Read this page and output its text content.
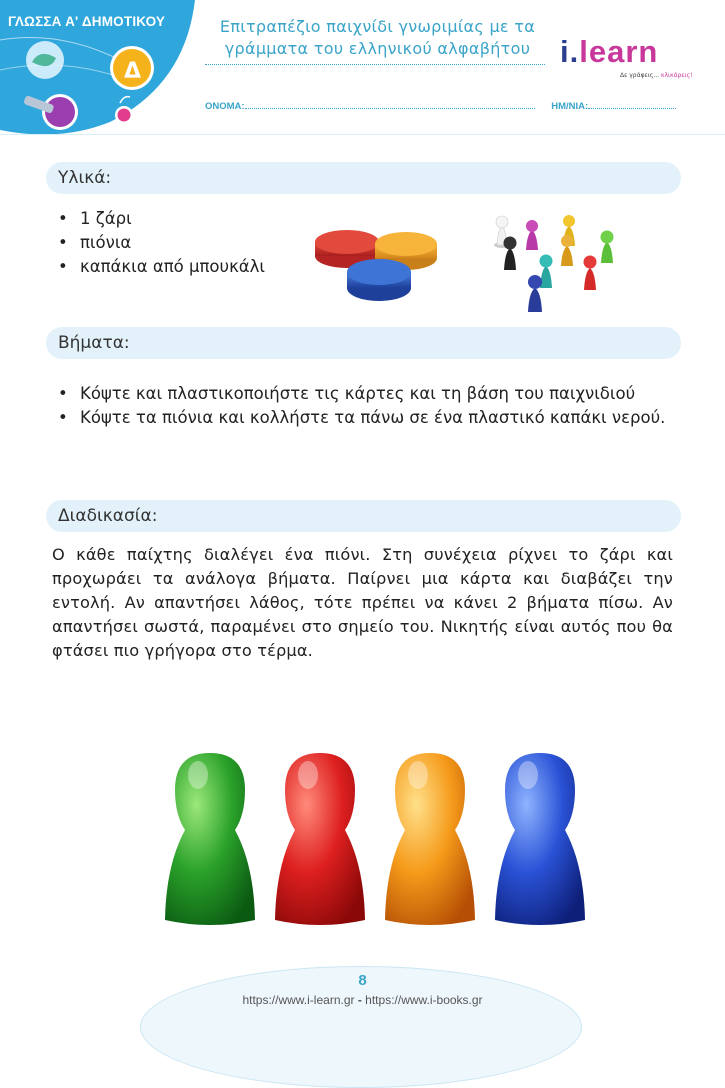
Δ
ΓΛΩΣΣΑ Α' ΔΗΜΟΤΙΚΟΥ	Επιτραπέζιο παιχνίδι γνωριμίας με τα
γράμματα του ελληνικού αλφαβήτου i.learn
Δε γράφεις... κλικάρεις!
ΟΝΟΜΑ:	ΗΜ/ΝΙΑ:
Υλικά:
• 1 ζάρι
• πιόνια
• καπάκια από μπουκάλι
Βήματα:
• Κόψτε και πλαστικοποιήστε τις κάρτες και τη βάση του παιχνιδιού
• Κόψτε τα πιόνια και κολλήστε τα πάνω σε ένα πλαστικό καπάκι νερού.
Διαδικασία:
Ο κάθε παίχτης διαλέγει ένα πιόνι. Στη συνέχεια ρίχνει το ζάρι και προχωράει τα ανάλογα βήματα. Παίρνει μια κάρτα και διαβάζει την εντολή. Αν απαντήσει λάθος, τότε πρέπει να κάνει 2 βήματα πίσω. Αν απαντήσει σωστά, παραμένει στο σημείο του. Νικητής είναι αυτός που θα φτάσει πιο γρήγορα στο τέρμα.
8
https://www.i-learn.gr - https://www.i-books.gr
